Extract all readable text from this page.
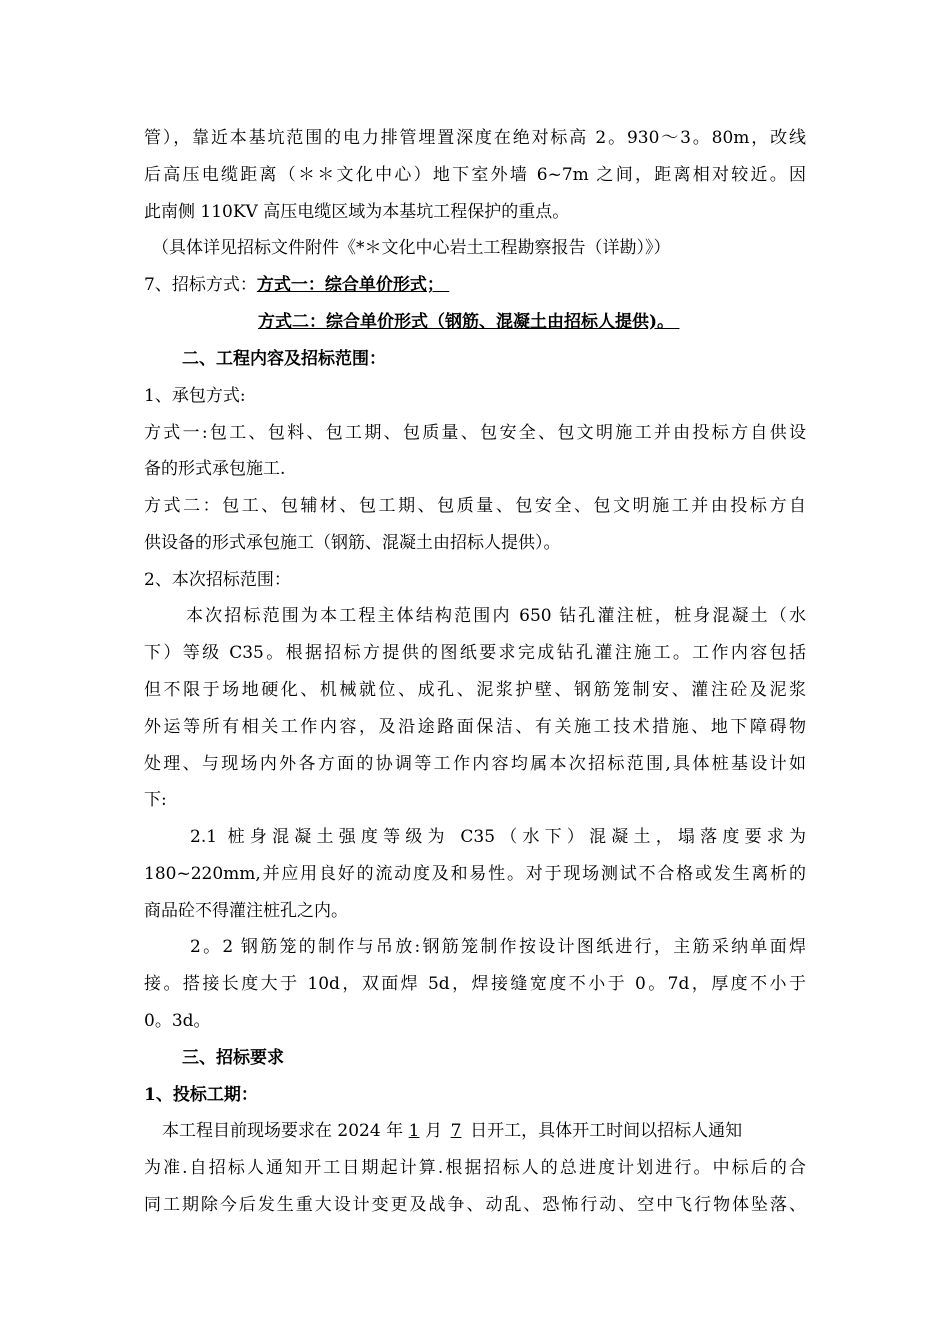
管），靠近本基坑范围的电力排管埋置深度在绝对标高 2。930～3。80m，改线
后高压电缆距离（＊＊文化中心）地下室外墙 6~7m 之间，距离相对较近。因
此南侧 110KV 高压电缆区域为本基坑工程保护的重点。
（具体详见招标文件附件《*＊文化中心岩土工程勘察报告（详勘）》）
7、招标方式：方式一：综合单价形式；
方式二：综合单价形式（钢筋、混凝土由招标人提供)。
二、工程内容及招标范围：
1、承包方式:
方式一:包工、包料、包工期、包质量、包安全、包文明施工并由投标方自供设
备的形式承包施工.
方式二：包工、包辅材、包工期、包质量、包安全、包文明施工并由投标方自
供设备的形式承包施工（钢筋、混凝土由招标人提供）。
2、本次招标范围：
本次招标范围为本工程主体结构范围内 650 钻孔灌注桩，桩身混凝土（水
下）等级 C35。根据招标方提供的图纸要求完成钻孔灌注施工。工作内容包括
但不限于场地硬化、机械就位、成孔、泥浆护壁、钢筋笼制安、灌注砼及泥浆
外运等所有相关工作内容，及沿途路面保洁、有关施工技术措施、地下障碍物
处理、与现场内外各方面的协调等工作内容均属本次招标范围,具体桩基设计如
下:
2.1 桩身混凝土强度等级为 C35（水下）混凝土，塌落度要求为
180~220mm,并应用良好的流动度及和易性。对于现场测试不合格或发生离析的
商品砼不得灌注桩孔之内。
2。2 钢筋笼的制作与吊放:钢筋笼制作按设计图纸进行，主筋采纳单面焊
接。搭接长度大于 10d，双面焊 5d，焊接缝宽度不小于 0。7d，厚度不小于
0。3d。
三、招标要求
1、投标工期：
本工程目前现场要求在 2024 年 1 月 7 日开工，具体开工时间以招标人通知
为准.自招标人通知开工日期起计算.根据招标人的总进度计划进行。中标后的合
同工期除今后发生重大设计变更及战争、动乱、恐怖行动、空中飞行物体坠落、
